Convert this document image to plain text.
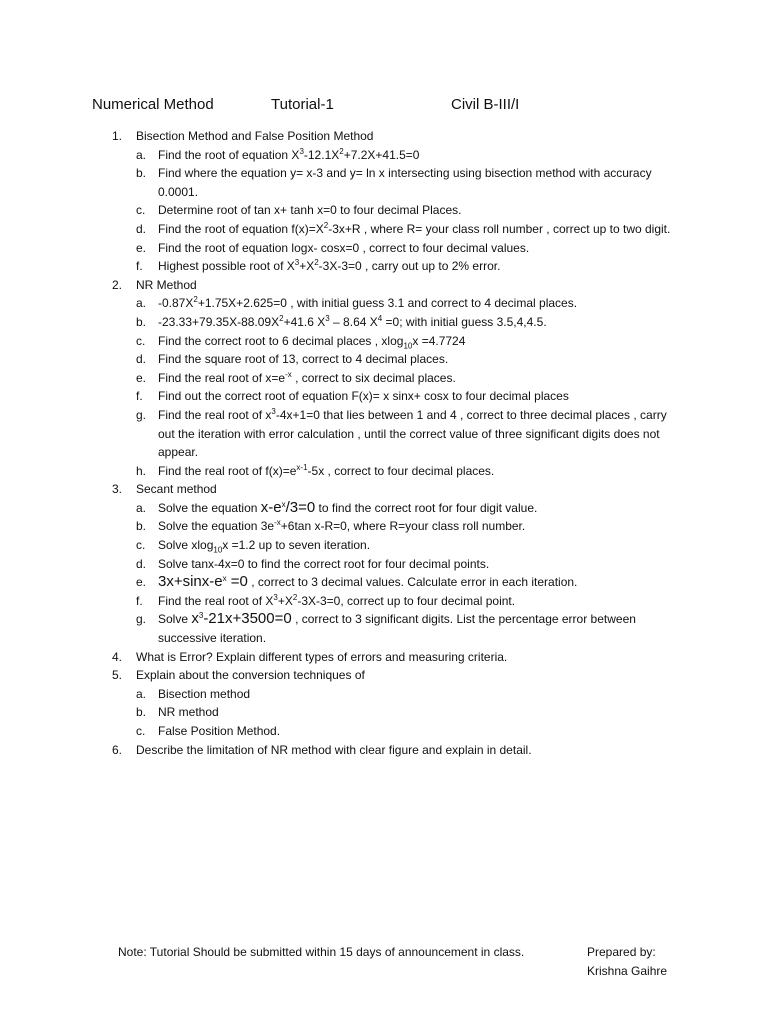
Numerical Method	Tutorial-1	Civil B-III/I
1. Bisection Method and False Position Method
a. Find the root of equation $X^3-12.1X^2+7.2X+41.5=0$
b. Find where the equation y= x-3 and y= ln x intersecting using bisection method with accuracy 0.0001.
c. Determine root of tan x+ tanh x=0 to four decimal Places.
d. Find the root of equation $f(x)=X^2-3x+R$ , where R= your class roll number , correct up to two digit.
e. Find the root of equation logx- cosx=0 , correct to four decimal values.
f. Highest possible root of $X^3+X^2-3X-3=0$ , carry out up to 2% error.
2. NR Method
a. $-0.87X^2+1.75X+2.625=0$ , with initial guess 3.1 and correct to 4 decimal places.
b. $-23.33+79.35X-88.09X^2+41.6$ $X^3 - 8.64$ $X^4 =0$; with initial guess 3.5,4,4.5.
c. Find the correct root to 6 decimal places , xlog$_{10}$x =4.7724
d. Find the square root of 13, correct to 4 decimal places.
e. Find the real root of $x=e^{-x}$ , correct to six decimal places.
f. Find out the correct root of equation F(x)= x sinx+ cosx to four decimal places
g. Find the real root of $x^3-4x+1=0$ that lies between 1 and 4 , correct to three decimal places , carry out the iteration with error calculation , until the correct value of three significant digits does not appear.
h. Find the real root of $f(x)=e^{x-1}-5x$ , correct to four decimal places.
3. Secant method
a. Solve the equation $x-e^x/3=0$ to find the correct root for four digit value.
b. Solve the equation $3e^{-x}+6\tan$ x-R=0, where R=your class roll number.
c. Solve xlog$_{10}$x =1.2 up to seven iteration.
d. Solve tanx-4x=0 to find the correct root for four decimal points.
e. $3x+\sin x-e^x =0$ , correct to 3 decimal values. Calculate error in each iteration.
f. Find the real root of $X^3+X^2-3X-3=0$, correct up to four decimal point.
g. Solve $x^3-21x+3500=0$ , correct to 3 significant digits. List the percentage error between successive iteration.
4. What is Error? Explain different types of errors and measuring criteria.
5. Explain about the conversion techniques of
a. Bisection method
b. NR method
c. False Position Method.
6. Describe the limitation of NR method with clear figure and explain in detail.
Note: Tutorial Should be submitted within 15 days of announcement in class.	Prepared by:
Krishna Gaihre
